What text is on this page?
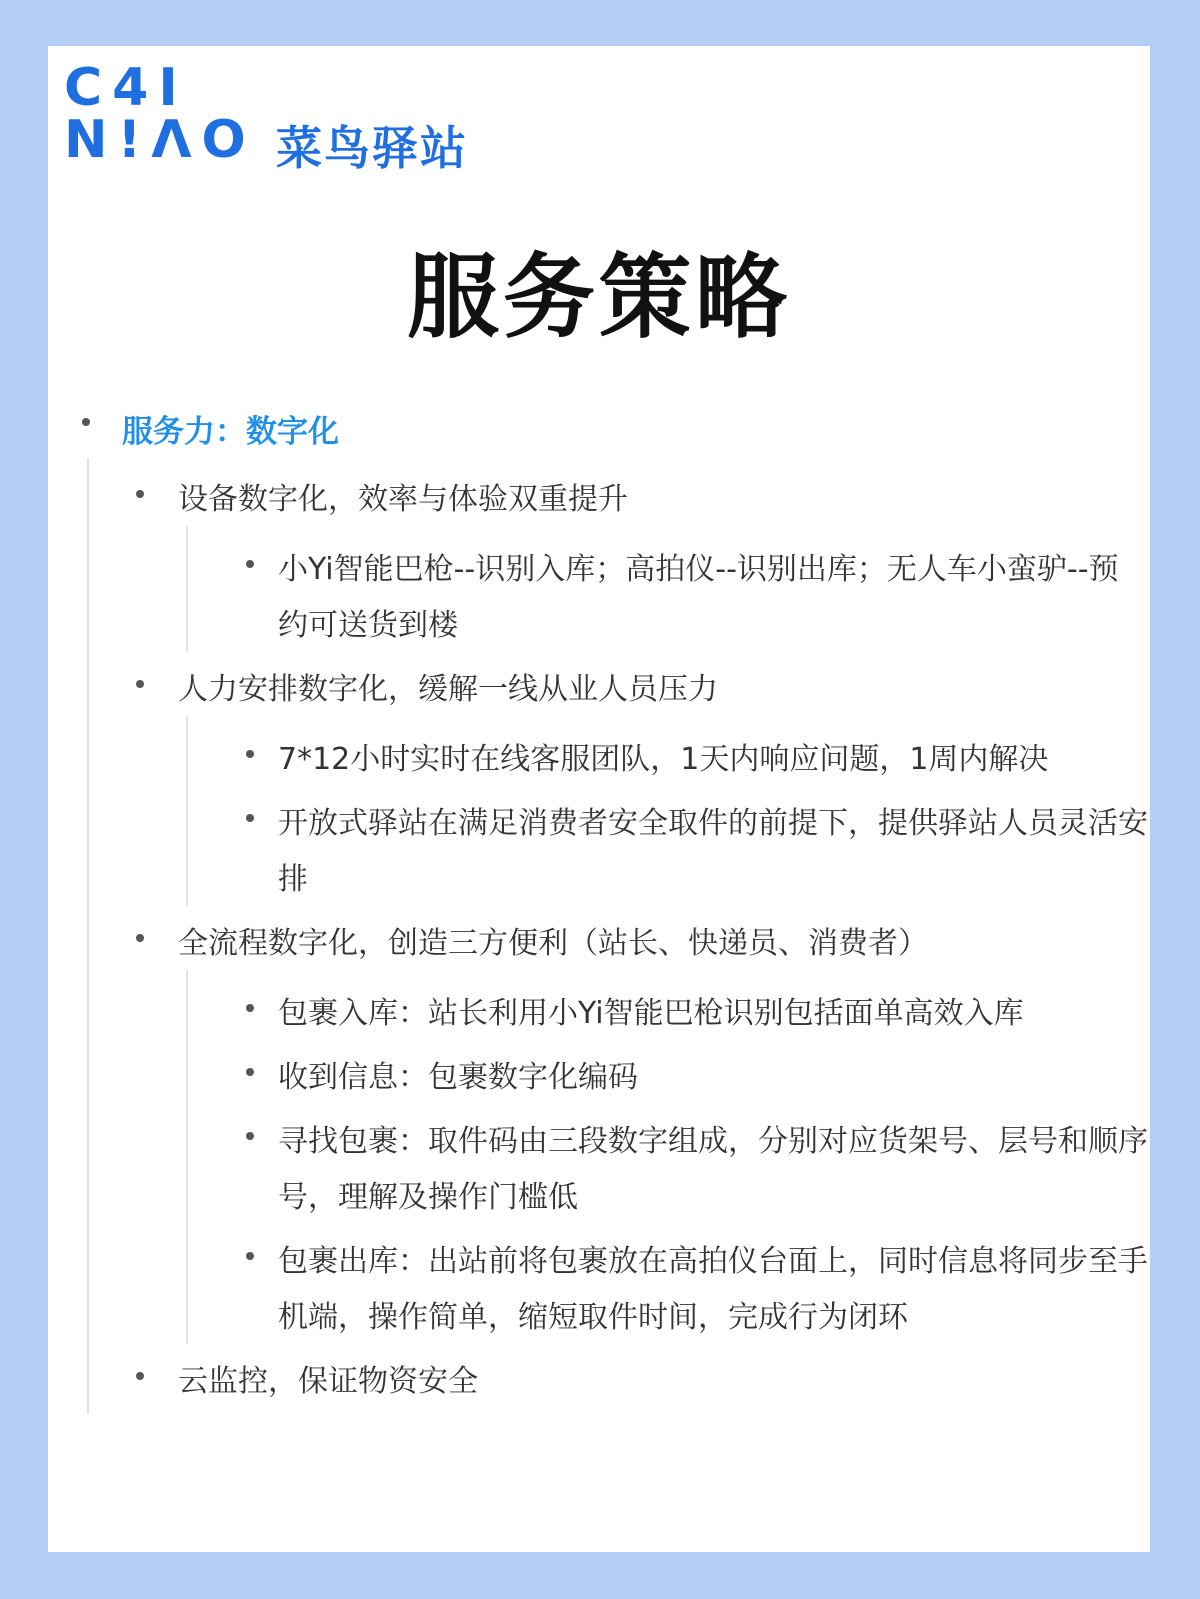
C4I
N!ΛO 菜鸟驿站
服务策略
服务力：数字化
设备数字化，效率与体验双重提升
小Yi智能巴枪--识别入库；高拍仪--识别出库；无人车小蛮驴--预约可送货到楼
人力安排数字化，缓解一线从业人员压力
7*12小时实时在线客服团队，1天内响应问题，1周内解决
开放式驿站在满足消费者安全取件的前提下，提供驿站人员灵活安排
全流程数字化，创造三方便利（站长、快递员、消费者）
包裹入库：站长利用小Yi智能巴枪识别包括面单高效入库
收到信息：包裹数字化编码
寻找包裹：取件码由三段数字组成，分别对应货架号、层号和顺序号，理解及操作门槛低
包裹出库：出站前将包裹放在高拍仪台面上，同时信息将同步至手机端，操作简单，缩短取件时间，完成行为闭环
云监控，保证物资安全
